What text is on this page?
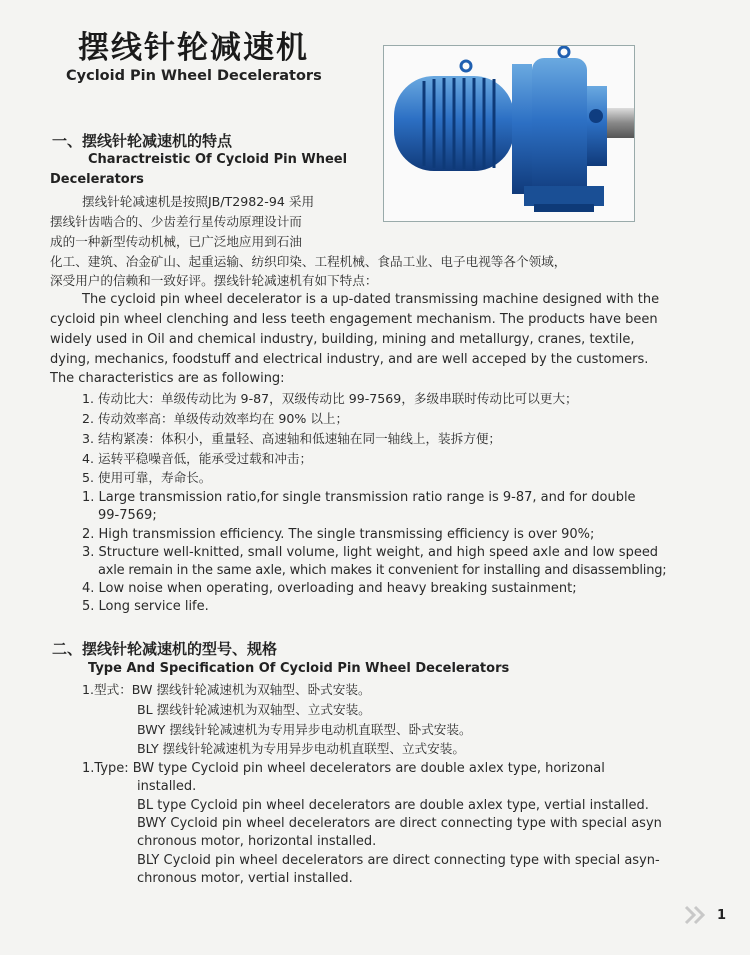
摆线针轮减速机
Cycloid Pin Wheel Decelerators
一、摆线针轮减速机的特点
Charactreistic Of Cycloid Pin Wheel
Decelerators
摆线针轮减速机是按照JB/T2982-94 采用
摆线针齿啮合的、少齿差行星传动原理设计而
成的一种新型传动机械，已广泛地应用到石油
化工、建筑、冶金矿山、起重运输、纺织印染、工程机械、食品工业、电子电视等各个领域，
深受用户的信赖和一致好评。摆线针轮减速机有如下特点：
The cycloid pin wheel decelerator is a up-dated transmissing machine designed with the
cycloid pin wheel clenching and less teeth engagement mechanism. The products have been
widely used in Oil and chemical industry, building, mining and metallurgy, cranes, textile,
dying, mechanics, foodstuff and electrical industry, and are well acceped by the customers.
The characteristics are as following:
1. 传动比大：单级传动比为 9-87，双级传动比 99-7569，多级串联时传动比可以更大；
2. 传动效率高：单级传动效率均在 90% 以上；
3. 结构紧凑：体积小，重量轻、高速轴和低速轴在同一轴线上，装拆方便；
4. 运转平稳噪音低，能承受过载和冲击；
5. 使用可靠，寿命长。
1. Large transmission ratio,for single transmission ratio range is 9-87, and for double
99-7569;
2. High transmission efficiency. The single transmissing efficiency is over 90%;
3. Structure well-knitted, small volume, light weight, and high speed axle and low speed
axle remain in the same axle, which makes it convenient for installing and disassembling;
4. Low noise when operating, overloading and heavy breaking sustainment;
5. Long service life.
二、摆线针轮减速机的型号、规格
Type And Specification Of Cycloid Pin Wheel Decelerators
1.型式：BW 摆线针轮减速机为双轴型、卧式安装。
BL 摆线针轮减速机为双轴型、立式安装。
BWY 摆线针轮减速机为专用异步电动机直联型、卧式安装。
BLY 摆线针轮减速机为专用异步电动机直联型、立式安装。
1.Type: BW type Cycloid pin wheel decelerators are double axlex type, horizonal
installed.
BL type Cycloid pin wheel decelerators are double axlex type, vertial installed.
BWY Cycloid pin wheel decelerators are direct connecting type with special asyn
chronous motor, horizontal installed.
BLY Cycloid pin wheel decelerators are direct connecting type with special asyn-
chronous motor, vertial installed.
1
